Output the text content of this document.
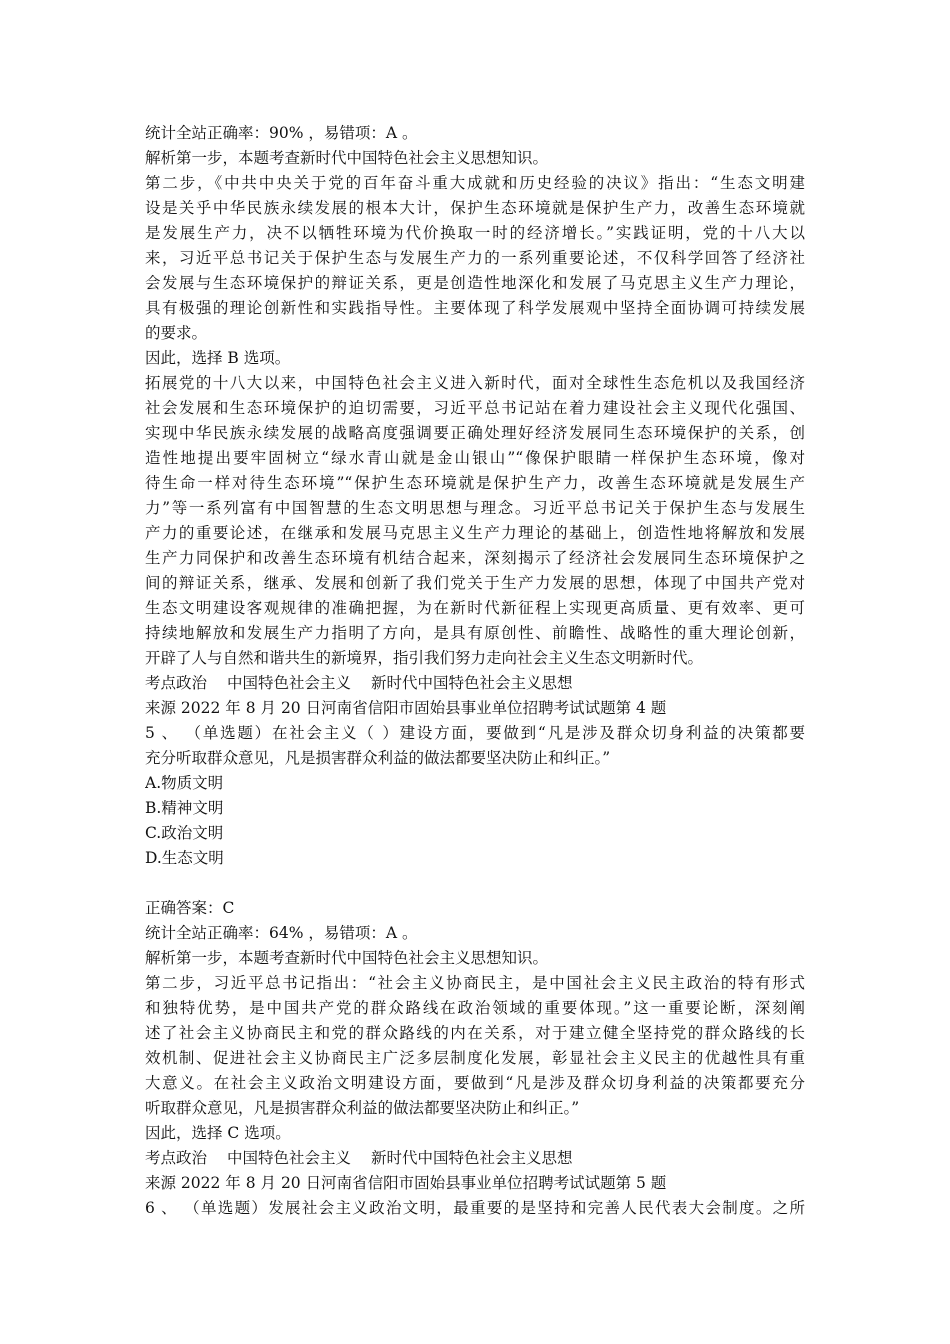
统计全站正确率：90% ，易错项：A 。
解析第一步，本题考查新时代中国特色社会主义思想知识。
第二步，《中共中央关于党的百年奋斗重大成就和历史经验的决议》指出：“生态文明建
设是关乎中华民族永续发展的根本大计，保护生态环境就是保护生产力，改善生态环境就
是发展生产力，决不以牺牲环境为代价换取一时的经济增长。”实践证明，党的十八大以
来，习近平总书记关于保护生态与发展生产力的一系列重要论述，不仅科学回答了经济社
会发展与生态环境保护的辩证关系，更是创造性地深化和发展了马克思主义生产力理论，
具有极强的理论创新性和实践指导性。主要体现了科学发展观中坚持全面协调可持续发展
的要求。
因此，选择 B 选项。
拓展党的十八大以来，中国特色社会主义进入新时代，面对全球性生态危机以及我国经济
社会发展和生态环境保护的迫切需要，习近平总书记站在着力建设社会主义现代化强国、
实现中华民族永续发展的战略高度强调要正确处理好经济发展同生态环境保护的关系，创
造性地提出要牢固树立“绿水青山就是金山银山”“像保护眼睛一样保护生态环境，像对
待生命一样对待生态环境”“保护生态环境就是保护生产力，改善生态环境就是发展生产
力”等一系列富有中国智慧的生态文明思想与理念。习近平总书记关于保护生态与发展生
产力的重要论述，在继承和发展马克思主义生产力理论的基础上，创造性地将解放和发展
生产力同保护和改善生态环境有机结合起来，深刻揭示了经济社会发展同生态环境保护之
间的辩证关系，继承、发展和创新了我们党关于生产力发展的思想，体现了中国共产党对
生态文明建设客观规律的准确把握，为在新时代新征程上实现更高质量、更有效率、更可
持续地解放和发展生产力指明了方向，是具有原创性、前瞻性、战略性的重大理论创新，
开辟了人与自然和谐共生的新境界，指引我们努力走向社会主义生态文明新时代。
考点政治 中国特色社会主义 新时代中国特色社会主义思想
来源 2022 年 8 月 20 日河南省信阳市固始县事业单位招聘考试试题第 4 题
5 、 （单选题）在社会主义（ ）建设方面，要做到“凡是涉及群众切身利益的决策都要
充分听取群众意见，凡是损害群众利益的做法都要坚决防止和纠正。”
A.物质文明
B.精神文明
C.政治文明
D.生态文明
正确答案：C
统计全站正确率：64% ，易错项：A 。
解析第一步，本题考查新时代中国特色社会主义思想知识。
第二步，习近平总书记指出：“社会主义协商民主，是中国社会主义民主政治的特有形式
和独特优势，是中国共产党的群众路线在政治领域的重要体现。”这一重要论断，深刻阐
述了社会主义协商民主和党的群众路线的内在关系，对于建立健全坚持党的群众路线的长
效机制、促进社会主义协商民主广泛多层制度化发展，彰显社会主义民主的优越性具有重
大意义。在社会主义政治文明建设方面，要做到“凡是涉及群众切身利益的决策都要充分
听取群众意见，凡是损害群众利益的做法都要坚决防止和纠正。”
因此，选择 C 选项。
考点政治 中国特色社会主义 新时代中国特色社会主义思想
来源 2022 年 8 月 20 日河南省信阳市固始县事业单位招聘考试试题第 5 题
6 、 （单选题）发展社会主义政治文明，最重要的是坚持和完善人民代表大会制度。之所
